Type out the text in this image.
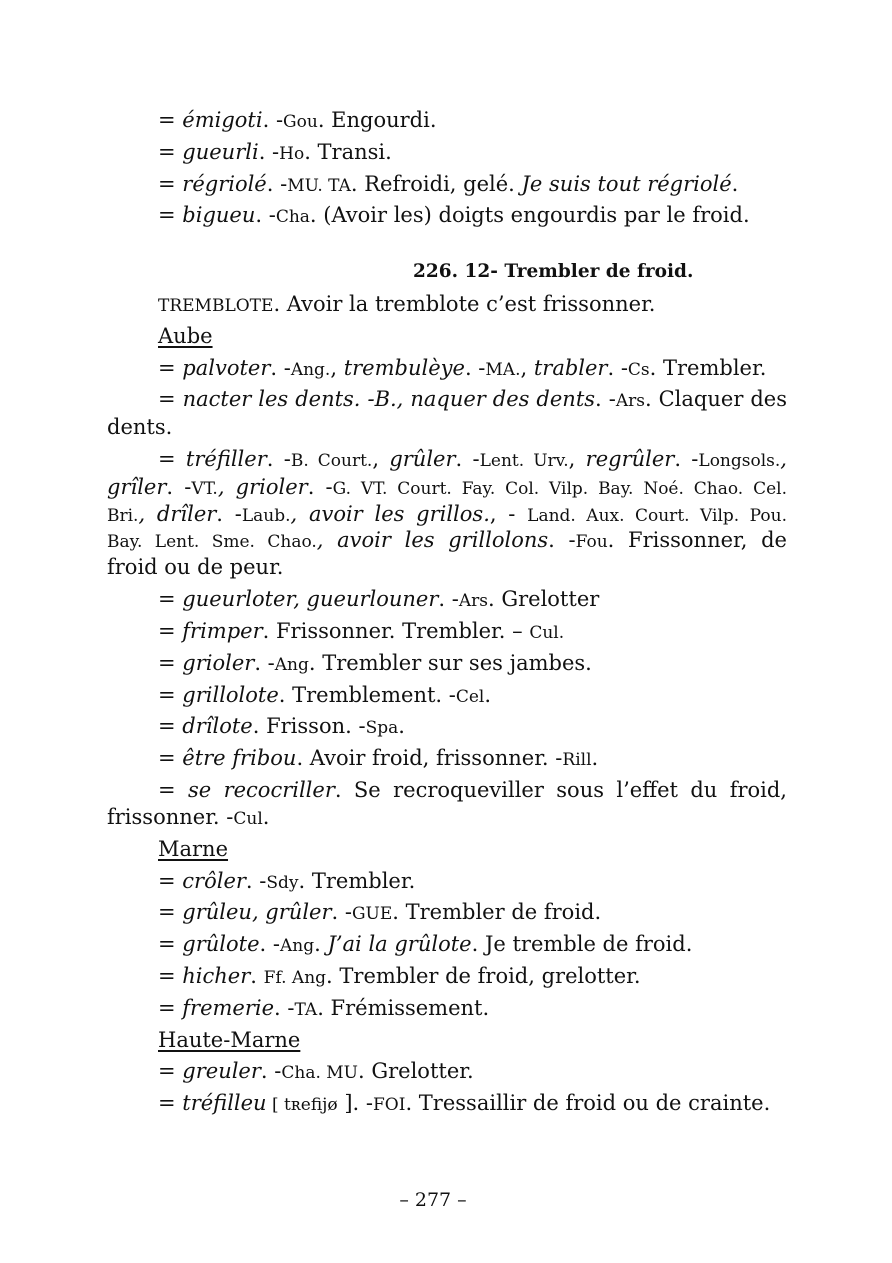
= émigoti. -Gou. Engourdi.
= gueurli. -Ho. Transi.
= régriolé. -MU. TA. Refroidi, gelé. Je suis tout régriolé.
= bigueu. -Cha. (Avoir les) doigts engourdis par le froid.
226. 12- Trembler de froid.
TREMBLOTE. Avoir la tremblote c’est frissonner.
Aube
= palvoter. -Ang., trembulèye. -MA., trabler. -Cs. Trembler.
= nacter les dents. -B., naquer des dents. -Ars. Claquer des
dents.
= tréfiller. -B. Court., grûler. -Lent. Urv., regrûler. -Longsols.,
grîler. -VT., grioler. -G. VT. Court. Fay. Col. Vilp. Bay. Noé. Chao. Cel.
Bri., drîler. -Laub., avoir les grillos., - Land. Aux. Court. Vilp. Pou.
Bay. Lent. Sme. Chao., avoir les grillolons. -Fou. Frissonner, de
froid ou de peur.
= gueurloter, gueurlouner. -Ars. Grelotter
= frimper. Frissonner. Trembler. – Cul.
= grioler. -Ang. Trembler sur ses jambes.
= grillolote. Tremblement. -Cel.
= drîlote. Frisson. -Spa.
= être fribou. Avoir froid, frissonner. -Rill.
= se recocriller. Se recroqueviller sous l’effet du froid,
frissonner. -Cul.
Marne
= crôler. -Sdy. Trembler.
= grûleu, grûler. -GUE. Trembler de froid.
= grûlote. -Ang. J’ai la grûlote. Je tremble de froid.
= hicher. Ff. Ang. Trembler de froid, grelotter.
= fremerie. -TA. Frémissement.
Haute-Marne
= greuler. -Cha. MU. Grelotter.
= tréfilleu [ tʀefijø ]. -FOI. Tressaillir de froid ou de crainte.
– 277 –
